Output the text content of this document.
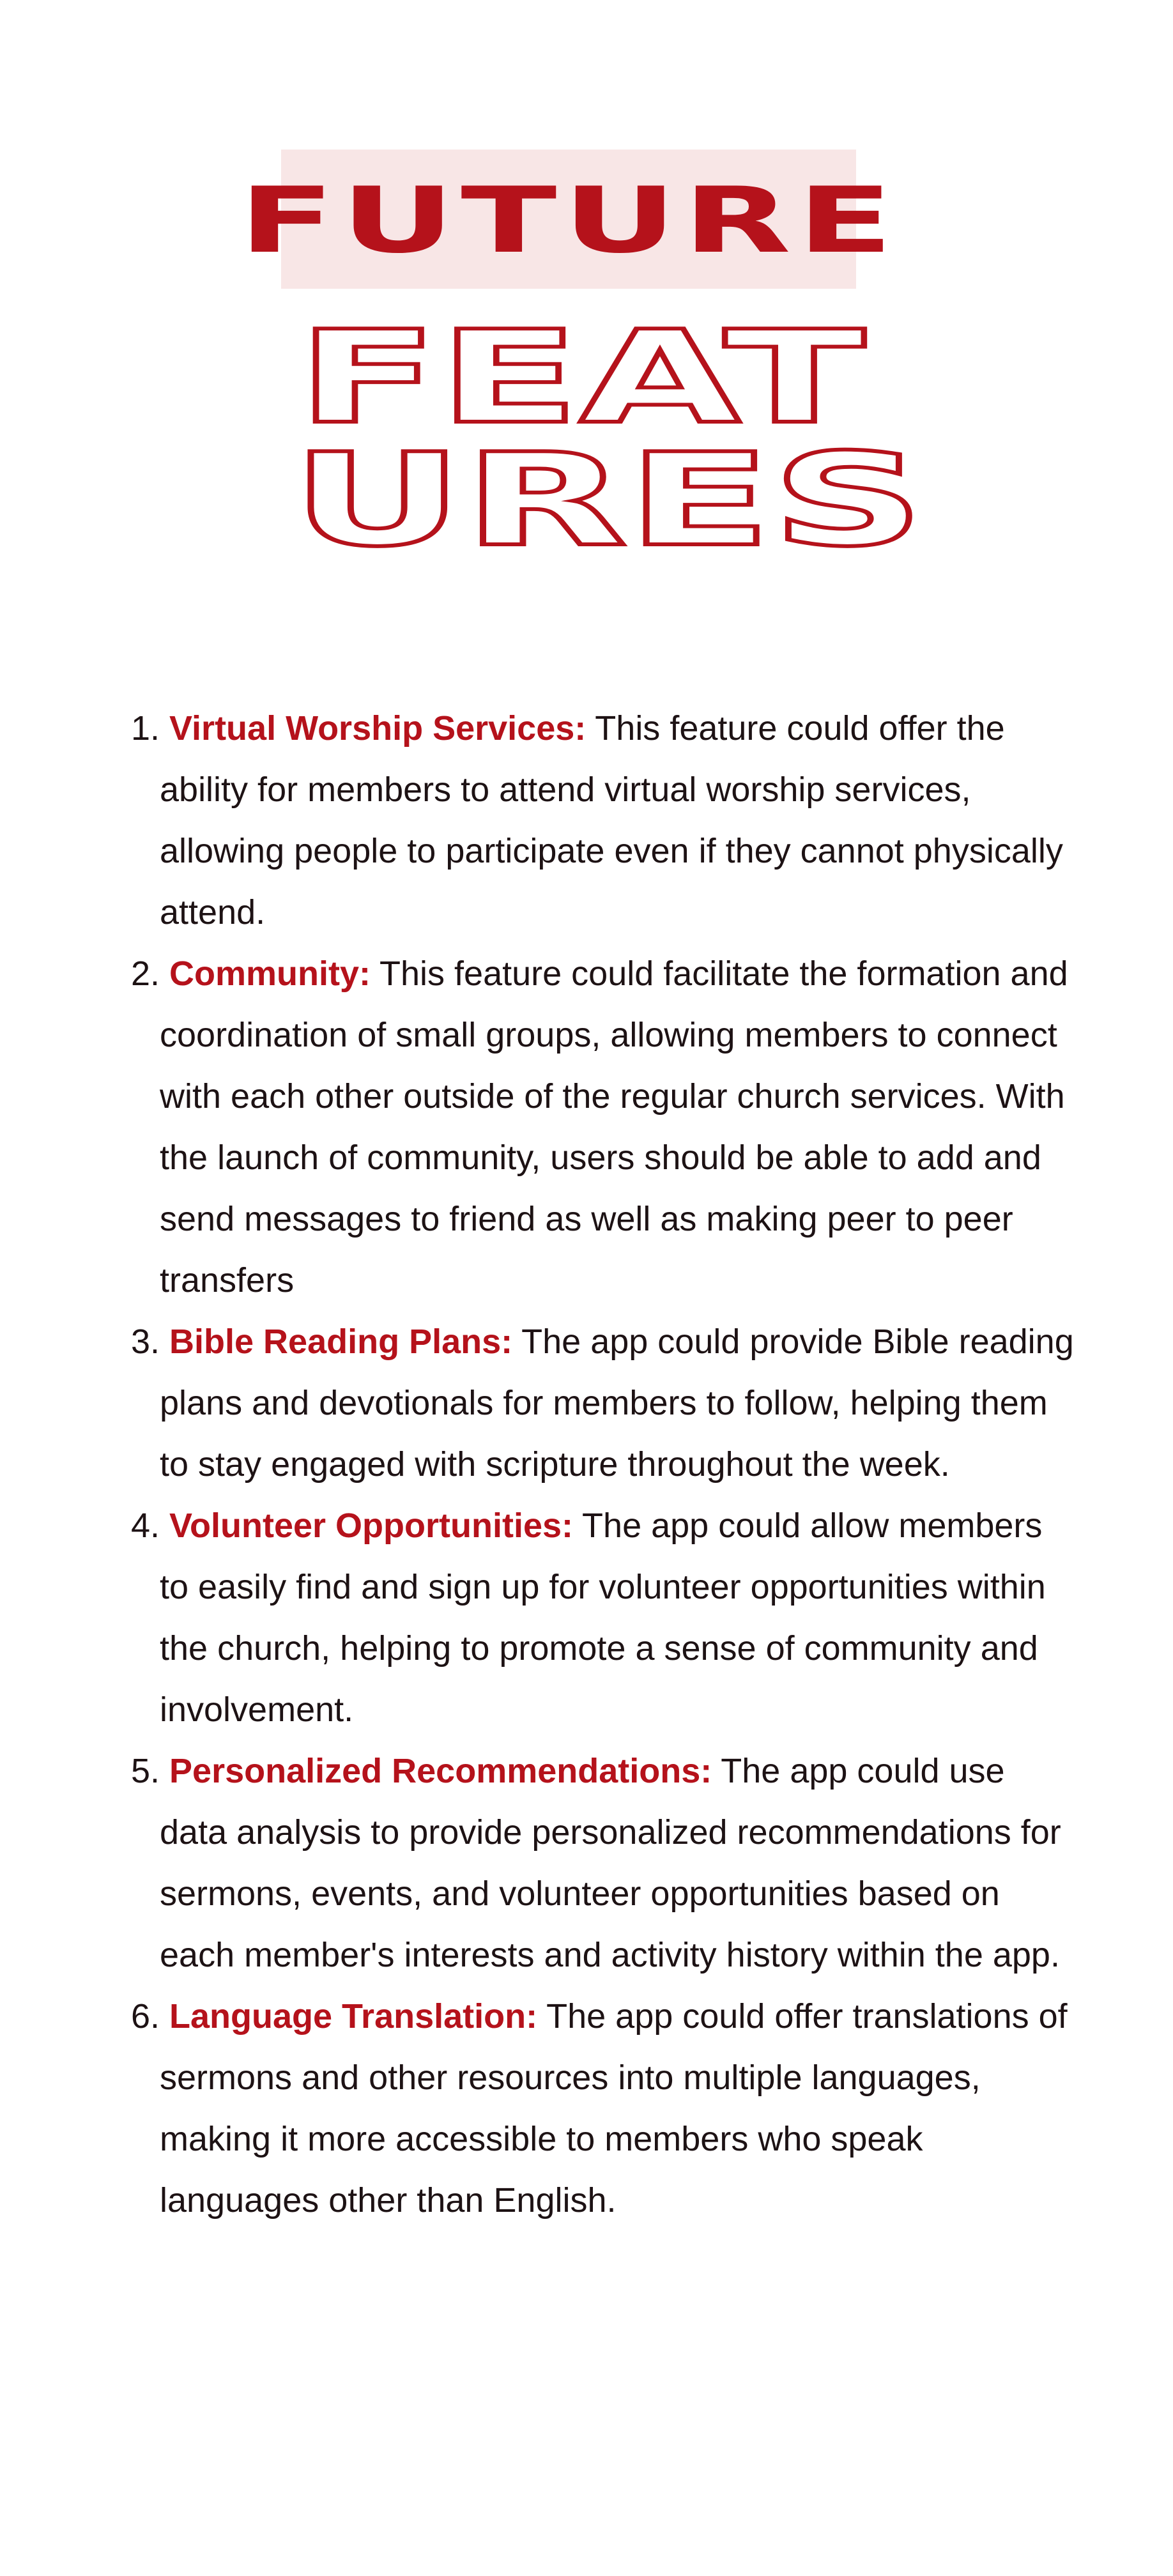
FUTURE
FEAT
URES
1. Virtual Worship Services: This feature could offer the ability for members to attend virtual worship services, allowing people to participate even if they cannot physically attend.
2. Community: This feature could facilitate the formation and coordination of small groups, allowing members to connect with each other outside of the regular church services. With the launch of community, users should be able to add and send messages to friend as well as making peer to peer transfers
3. Bible Reading Plans: The app could provide Bible reading plans and devotionals for members to follow, helping them to stay engaged with scripture throughout the week.
4. Volunteer Opportunities: The app could allow members to easily find and sign up for volunteer opportunities within the church, helping to promote a sense of community and involvement.
5. Personalized Recommendations: The app could use data analysis to provide personalized recommendations for sermons, events, and volunteer opportunities based on each member's interests and activity history within the app.
6. Language Translation: The app could offer translations of sermons and other resources into multiple languages, making it more accessible to members who speak languages other than English.
